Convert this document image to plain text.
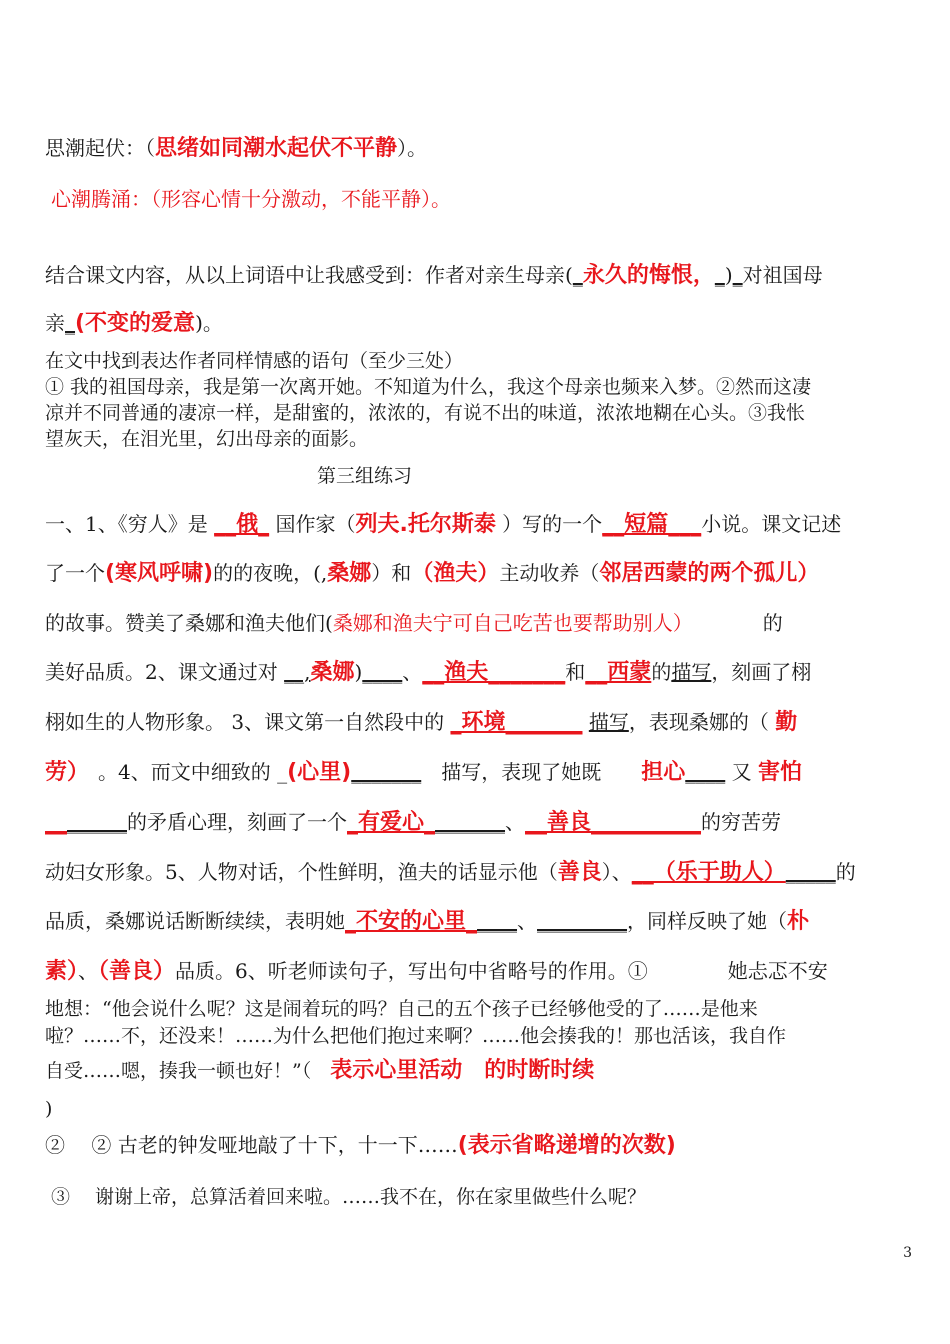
思潮起伏：（思绪如同潮水起伏不平静）。
心潮腾涌：（形容心情十分激动，不能平静）。
结合课文内容，从以上词语中让我感受到：作者对亲生母亲(_永久的悔恨，_)_对祖国母
亲_(不变的爱意)。
在文中找到表达作者同样情感的语句（至少三处）
① 我的祖国母亲，我是第一次离开她。不知道为什么，我这个母亲也频来入梦。②然而这凄
凉并不同普通的凄凉一样，是甜蜜的，浓浓的，有说不出的味道，浓浓地糊在心头。③我怅
望灰天，在泪光里，幻出母亲的面影。
第三组练习
一、1、《穷人》是 __俄_ 国作家（列夫.托尔斯泰 ）写的一个__短篇___小说。课文记述
了一个(寒风呼啸)的的夜晚，(,桑娜）和（渔夫）主动收养（邻居西蒙的两个孤儿）
的故事。赞美了桑娜和渔夫他们(桑娜和渔夫宁可自己吃苦也要帮助别人）　　　　的
美好品质。2、课文通过对 __,桑娜)____、__渔夫_______和__西蒙的描写，刻画了栩
栩如生的人物形象。 3、课文第一自然段中的 _环境_______ 描写，表现桑娜的（ 勤
劳）　。4、而文中细致的 _(心里)_______　描写，表现了她既　　担心____ 又 害怕
________的矛盾心理，刻画了一个_有爱心________、__善良__________的穷苦劳
动妇女形象。5、人物对话，个性鲜明，渔夫的话显示他（善良）、__（乐于助人）_____的
品质，桑娜说话断断续续，表明她_不安的心里_____、_________，同样反映了她（朴
素）、（善良）品质。6、听老师读句子，写出句中省略号的作用。①　　　　她忐忑不安
地想：“他会说什么呢？这是闹着玩的吗？自己的五个孩子已经够他受的了……是他来
啦？……不，还没来！……为什么把他们抱过来啊？……他会揍我的！那也活该，我自作
自受……嗯，揍我一顿也好！”（　表示心里活动　的时断时续
)
②　 ② 古老的钟发哑地敲了十下，十一下……(表示省略递增的次数)
③　 谢谢上帝，总算活着回来啦。……我不在，你在家里做些什么呢？
3
